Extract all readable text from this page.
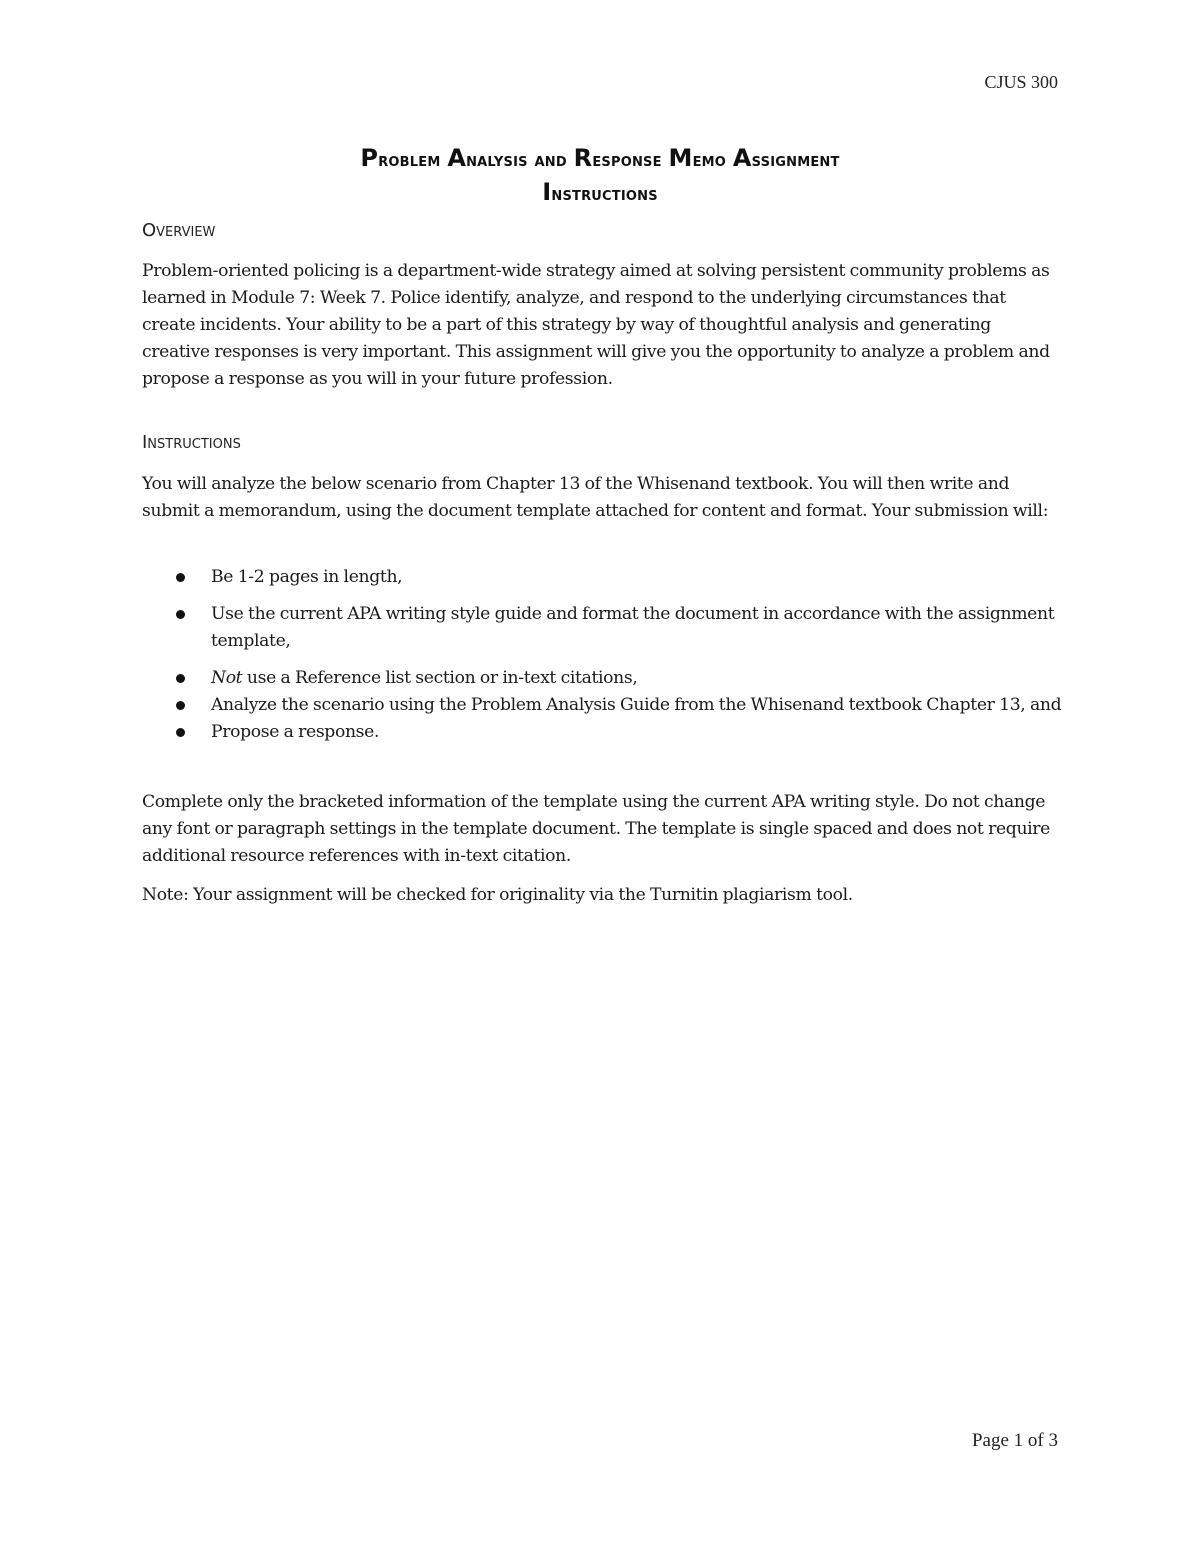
CJUS 300
Problem Analysis and Response Memo Assignment
Instructions
Overview
Problem-oriented policing is a department-wide strategy aimed at solving persistent community problems as learned in Module 7: Week 7. Police identify, analyze, and respond to the underlying circumstances that create incidents. Your ability to be a part of this strategy by way of thoughtful analysis and generating creative responses is very important. This assignment will give you the opportunity to analyze a problem and propose a response as you will in your future profession.
Instructions
You will analyze the below scenario from Chapter 13 of the Whisenand textbook. You will then write and submit a memorandum, using the document template attached for content and format. Your submission will:
Be 1-2 pages in length,
Use the current APA writing style guide and format the document in accordance with the assignment template,
Not use a Reference list section or in-text citations,
Analyze the scenario using the Problem Analysis Guide from the Whisenand textbook Chapter 13, and
Propose a response.
Complete only the bracketed information of the template using the current APA writing style. Do not change any font or paragraph settings in the template document. The template is single spaced and does not require additional resource references with in-text citation.
Note: Your assignment will be checked for originality via the Turnitin plagiarism tool.
Page 1 of 3
